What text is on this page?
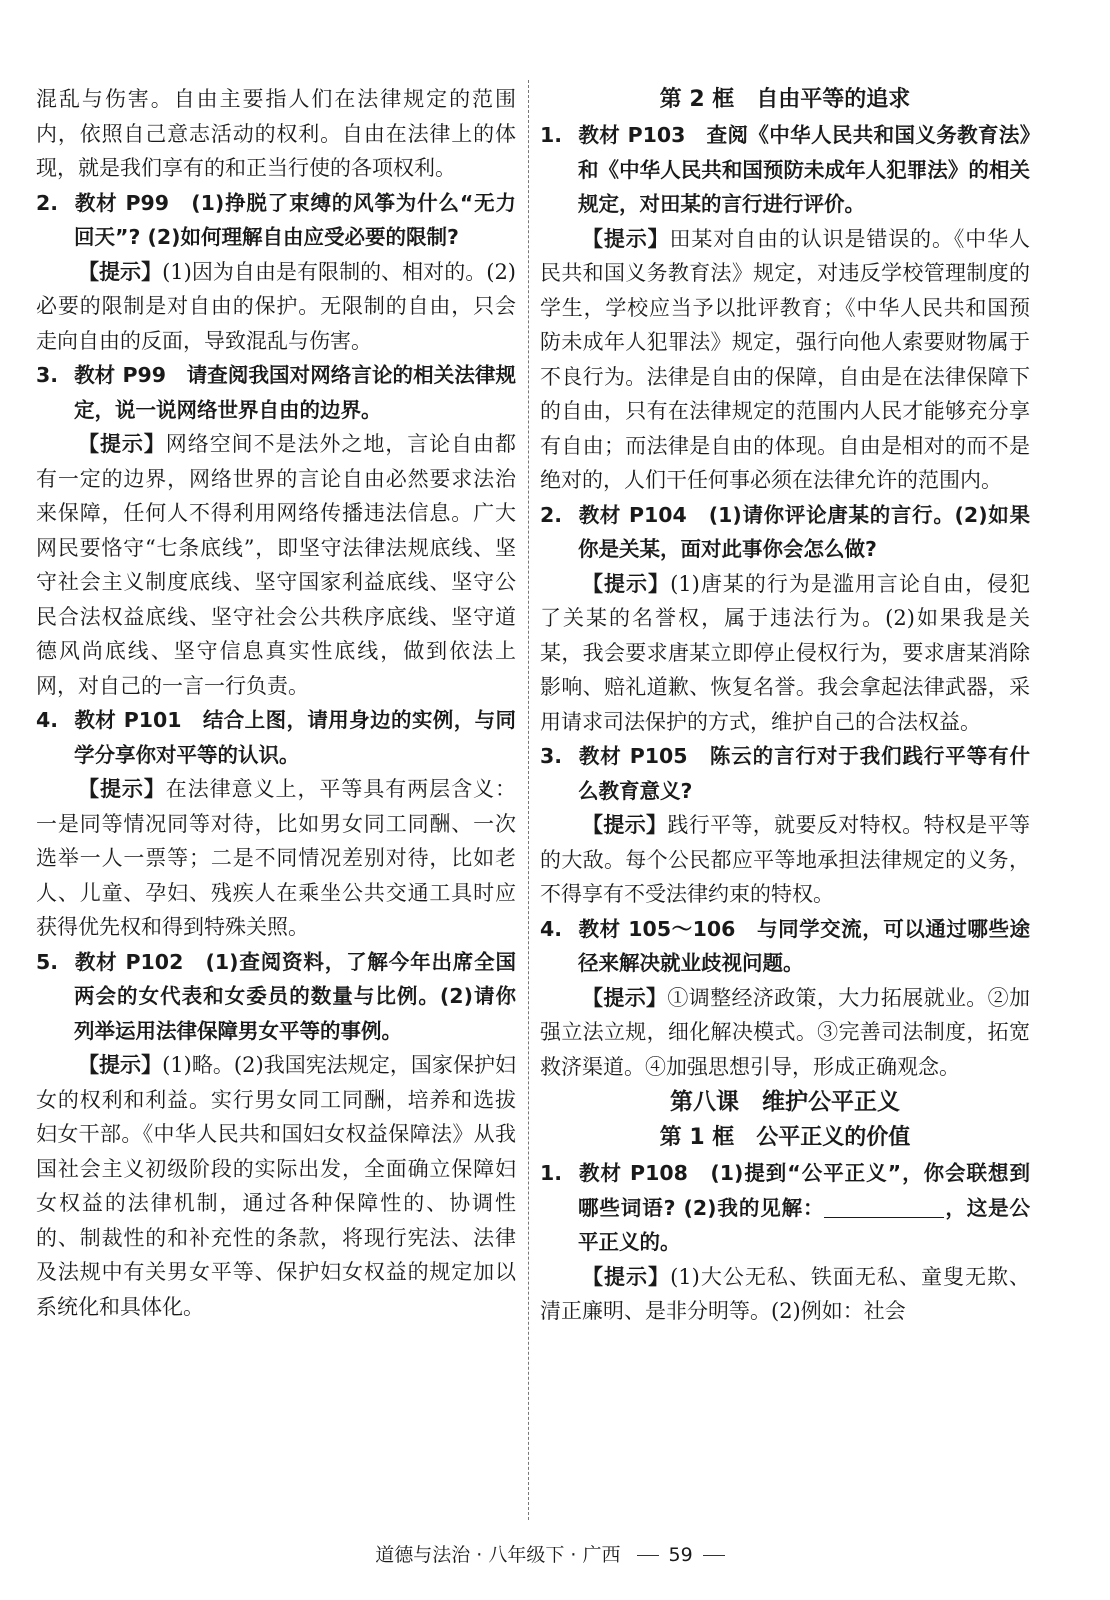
混乱与伤害。自由主要指人们在法律规定的范围内，依照自己意志活动的权利。自由在法律上的体现，就是我们享有的和正当行使的各项权利。

2. 教材 P99　(1)挣脱了束缚的风筝为什么“无力回天”? (2)如何理解自由应受必要的限制?

【提示】(1)因为自由是有限制的、相对的。(2)必要的限制是对自由的保护。无限制的自由，只会走向自由的反面，导致混乱与伤害。

3. 教材 P99　请查阅我国对网络言论的相关法律规定，说一说网络世界自由的边界。

【提示】网络空间不是法外之地，言论自由都有一定的边界，网络世界的言论自由必然要求法治来保障，任何人不得利用网络传播违法信息。广大网民要恪守“七条底线”，即坚守法律法规底线、坚守社会主义制度底线、坚守国家利益底线、坚守公民合法权益底线、坚守社会公共秩序底线、坚守道德风尚底线、坚守信息真实性底线，做到依法上网，对自己的一言一行负责。

4. 教材 P101　结合上图，请用身边的实例，与同学分享你对平等的认识。

【提示】在法律意义上，平等具有两层含义：一是同等情况同等对待，比如男女同工同酬、一次选举一人一票等；二是不同情况差别对待，比如老人、儿童、孕妇、残疾人在乘坐公共交通工具时应获得优先权和得到特殊关照。

5. 教材 P102　(1)查阅资料，了解今年出席全国两会的女代表和女委员的数量与比例。(2)请你列举运用法律保障男女平等的事例。

【提示】(1)略。(2)我国宪法规定，国家保护妇女的权利和利益。实行男女同工同酬，培养和选拔妇女干部。《中华人民共和国妇女权益保障法》从我国社会主义初级阶段的实际出发，全面确立保障妇女权益的法律机制，通过各种保障性的、协调性的、制裁性的和补充性的条款，将现行宪法、法律及法规中有关男女平等、保护妇女权益的规定加以系统化和具体化。

第 2 框　自由平等的追求

1. 教材 P103　查阅《中华人民共和国义务教育法》和《中华人民共和国预防未成年人犯罪法》的相关规定，对田某的言行进行评价。

【提示】田某对自由的认识是错误的。《中华人民共和国义务教育法》规定，对违反学校管理制度的学生，学校应当予以批评教育；《中华人民共和国预防未成年人犯罪法》规定，强行向他人索要财物属于不良行为。法律是自由的保障，自由是在法律保障下的自由，只有在法律规定的范围内人民才能够充分享有自由；而法律是自由的体现。自由是相对的而不是绝对的，人们干任何事必须在法律允许的范围内。

2. 教材 P104　(1)请你评论唐某的言行。(2)如果你是关某，面对此事你会怎么做?

【提示】(1)唐某的行为是滥用言论自由，侵犯了关某的名誉权，属于违法行为。(2)如果我是关某，我会要求唐某立即停止侵权行为，要求唐某消除影响、赔礼道歉、恢复名誉。我会拿起法律武器，采用请求司法保护的方式，维护自己的合法权益。

3. 教材 P105　陈云的言行对于我们践行平等有什么教育意义?

【提示】践行平等，就要反对特权。特权是平等的大敌。每个公民都应平等地承担法律规定的义务，不得享有不受法律约束的特权。

4. 教材 105～106　与同学交流，可以通过哪些途径来解决就业歧视问题。

【提示】①调整经济政策，大力拓展就业。②加强立法立规，细化解决模式。③完善司法制度，拓宽救济渠道。④加强思想引导，形成正确观念。

第八课　维护公平正义

第 1 框　公平正义的价值

1. 教材 P108　(1)提到“公平正义”，你会联想到哪些词语? (2)我的见解：	，这是公平正义的。

【提示】(1)大公无私、铁面无私、童叟无欺、清正廉明、是非分明等。(2)例如：社会

道德与法治 · 八年级下 · 广西	59
